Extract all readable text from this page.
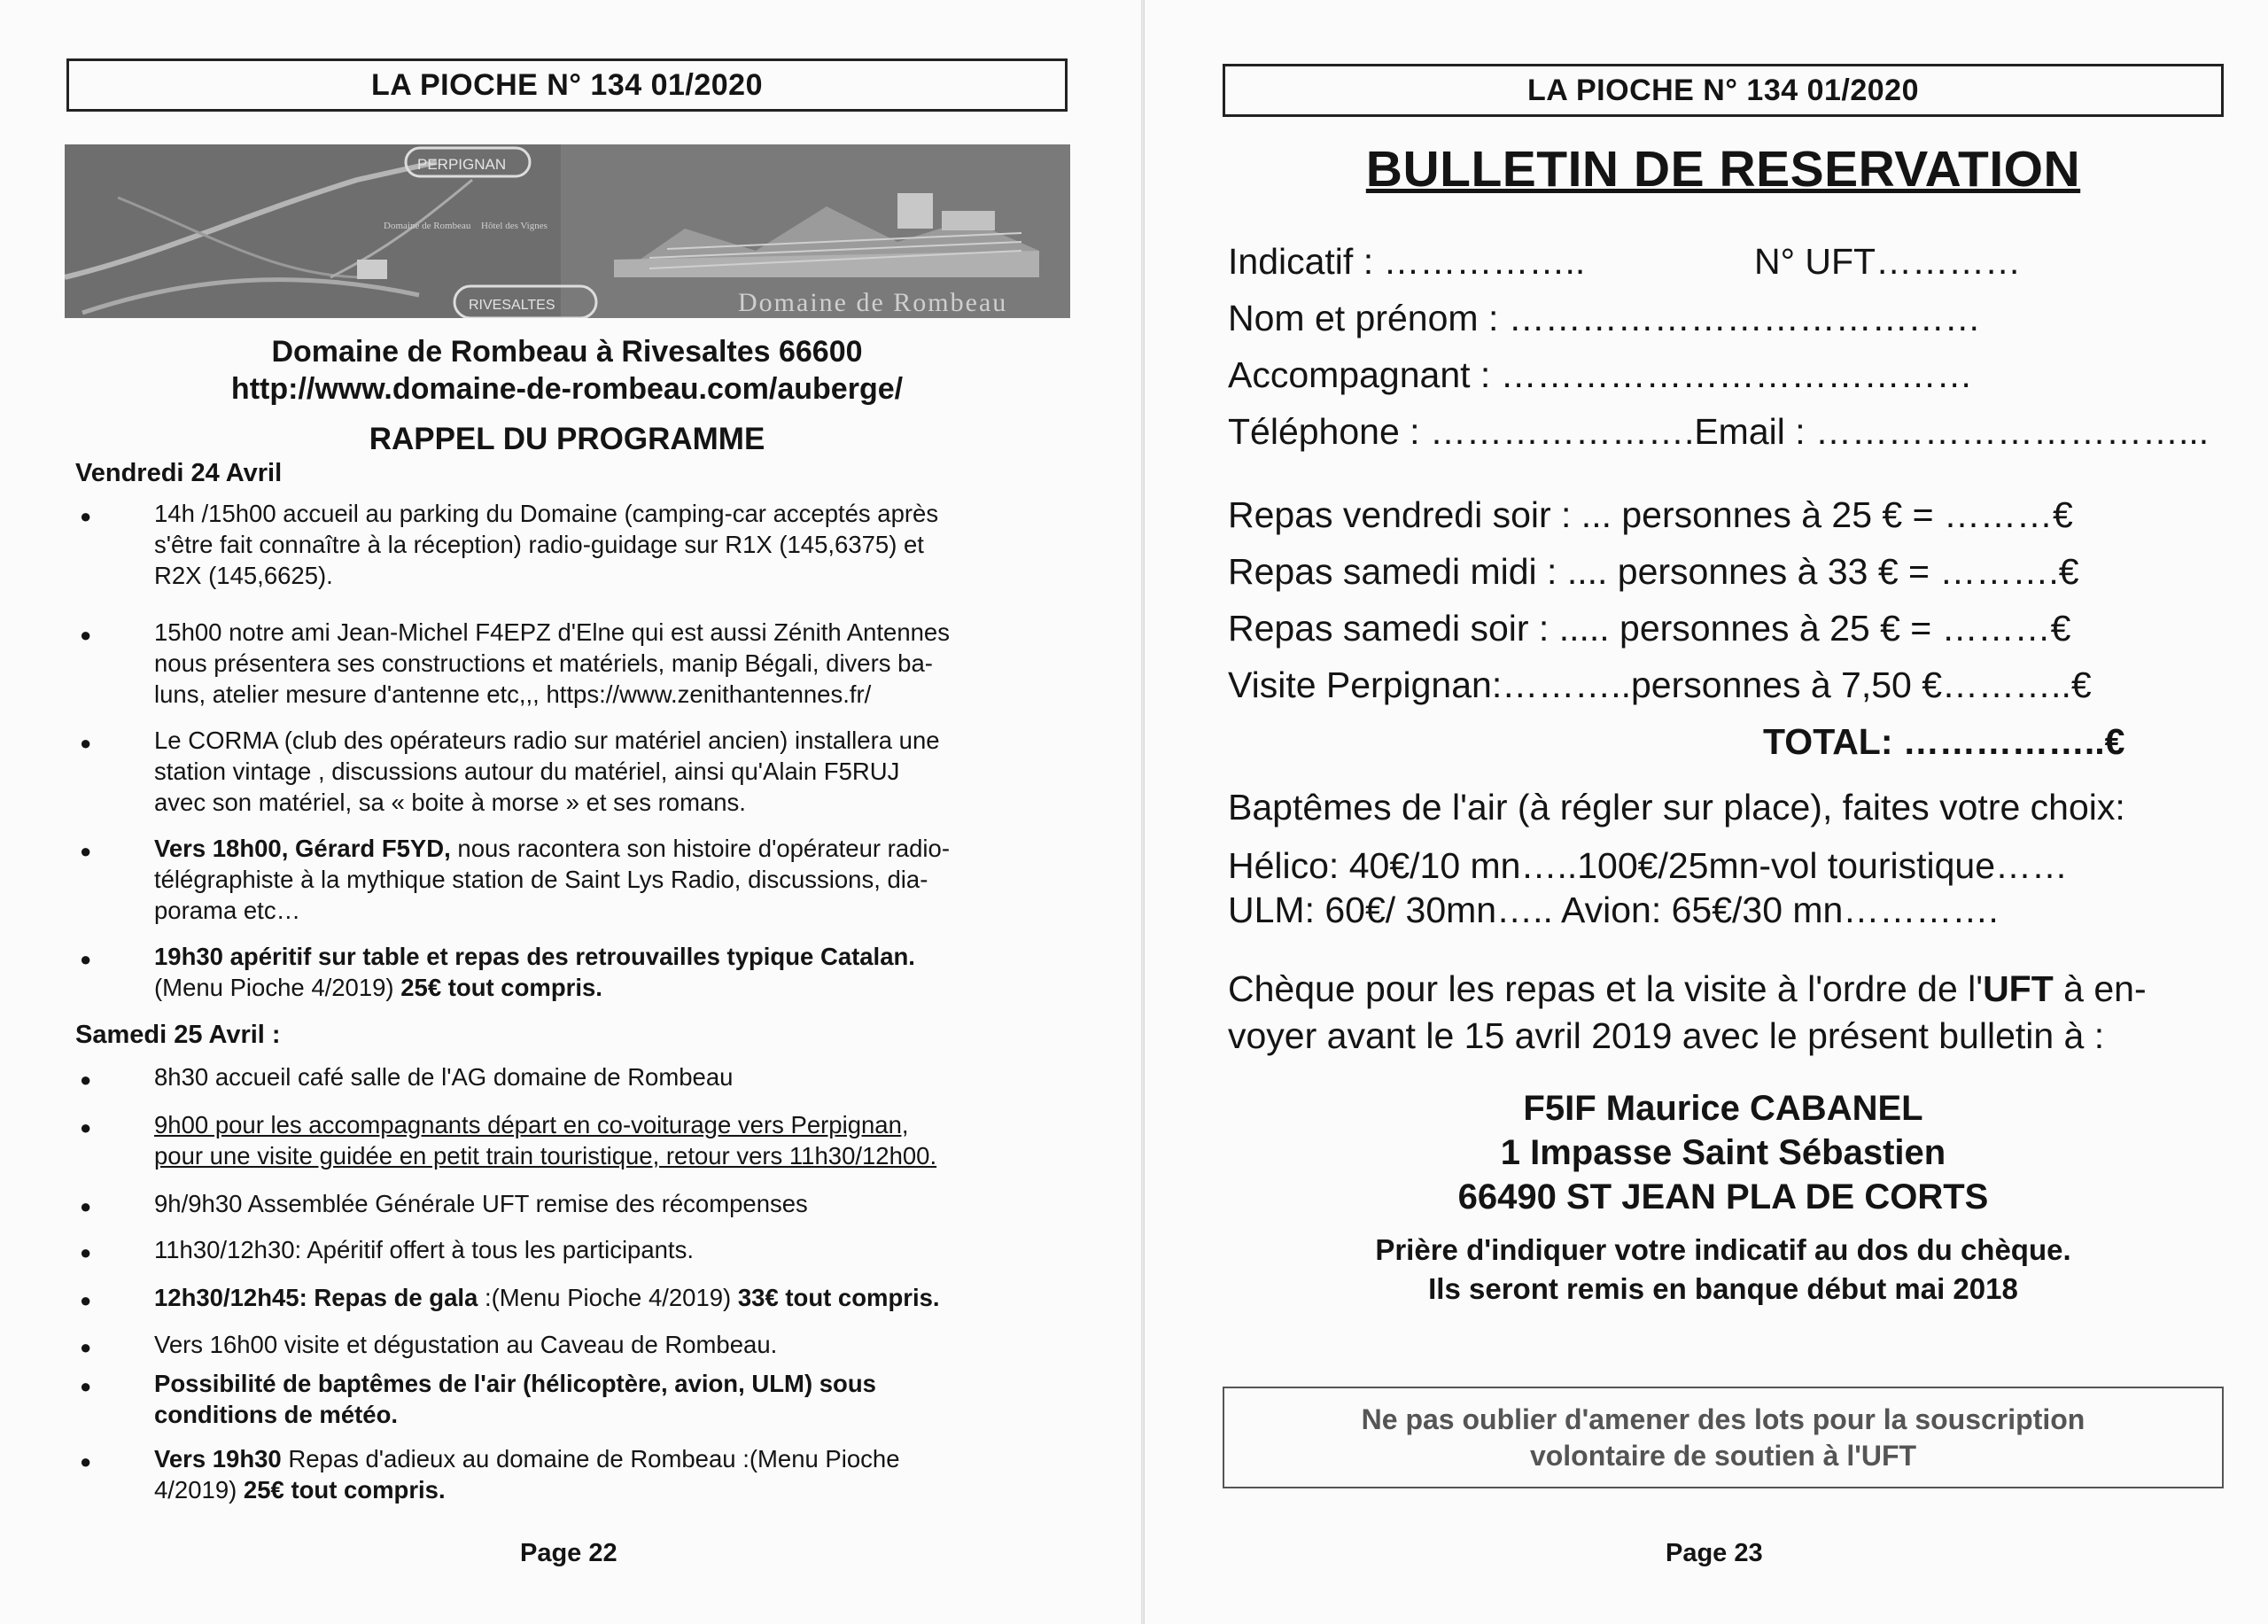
LA PIOCHE N° 134 01/2020
PERPIGNAN
RIVESALTES
Domaine de Rombeau Hôtel des Vignes
Domaine de Rombeau
Domaine de Rombeau à Rivesaltes 66600
http://www.domaine-de-rombeau.com/auberge/
RAPPEL DU PROGRAMME
Vendredi 24 Avril
●	14h /15h00 accueil au parking du Domaine (camping-car acceptés après
s'être fait connaître à la réception) radio-guidage sur R1X (145,6375) et
R2X (145,6625).
●	15h00 notre ami Jean-Michel F4EPZ d'Elne qui est aussi Zénith Antennes
nous présentera ses constructions et matériels, manip Bégali, divers ba-
luns, atelier mesure d'antenne etc,,, https://www.zenithantennes.fr/
●	Le CORMA (club des opérateurs radio sur matériel ancien) installera une
station vintage , discussions autour du matériel, ainsi qu'Alain F5RUJ
avec son matériel, sa « boite à morse » et ses romans.
●	Vers 18h00, Gérard F5YD, nous racontera son histoire d'opérateur radio-
télégraphiste à la mythique station de Saint Lys Radio, discussions, dia-
porama etc…
●	19h30 apéritif sur table et repas des retrouvailles typique Catalan.
(Menu Pioche 4/2019) 25€ tout compris.
Samedi 25 Avril :
●	8h30 accueil café salle de l'AG domaine de Rombeau
●	9h00 pour les accompagnants départ en co-voiturage vers Perpignan,
pour une visite guidée en petit train touristique, retour vers 11h30/12h00.
●	9h/9h30 Assemblée Générale UFT remise des récompenses
●	11h30/12h30: Apéritif offert à tous les participants.
●	12h30/12h45: Repas de gala :(Menu Pioche 4/2019) 33€ tout compris.
●	Vers 16h00 visite et dégustation au Caveau de Rombeau.
●	Possibilité de baptêmes de l'air (hélicoptère, avion, ULM) sous
conditions de météo.
●	Vers 19h30 Repas d'adieux au domaine de Rombeau :(Menu Pioche
4/2019) 25€ tout compris.
Page 22
LA PIOCHE N° 134 01/2020
BULLETIN DE RESERVATION
Indicatif : ……………..	N° UFT…………
Nom et prénom : …………………………………
Accompagnant : …………………………………
Téléphone : ………………….Email : …………………………...
Repas vendredi soir : ... personnes à 25 € = ………€
Repas samedi midi : .... personnes à 33 € = ……….€
Repas samedi soir : ..... personnes à 25 € = ………€
Visite Perpignan:………..personnes à 7,50 €………..€
TOTAL: ……………..€
Baptêmes de l'air (à régler sur place), faites votre choix:
Hélico: 40€/10 mn…..100€/25mn-vol touristique……
ULM: 60€/ 30mn….. Avion: 65€/30 mn………….
Chèque pour les repas et la visite à l'ordre de l'UFT à en-
voyer avant le 15 avril 2019 avec le présent bulletin à :
F5IF Maurice CABANEL
1 Impasse Saint Sébastien
66490 ST JEAN PLA DE CORTS
Prière d'indiquer votre indicatif au dos du chèque.
Ils seront remis en banque début mai 2018
Ne pas oublier d'amener des lots pour la souscription
volontaire de soutien à l'UFT
Page 23
